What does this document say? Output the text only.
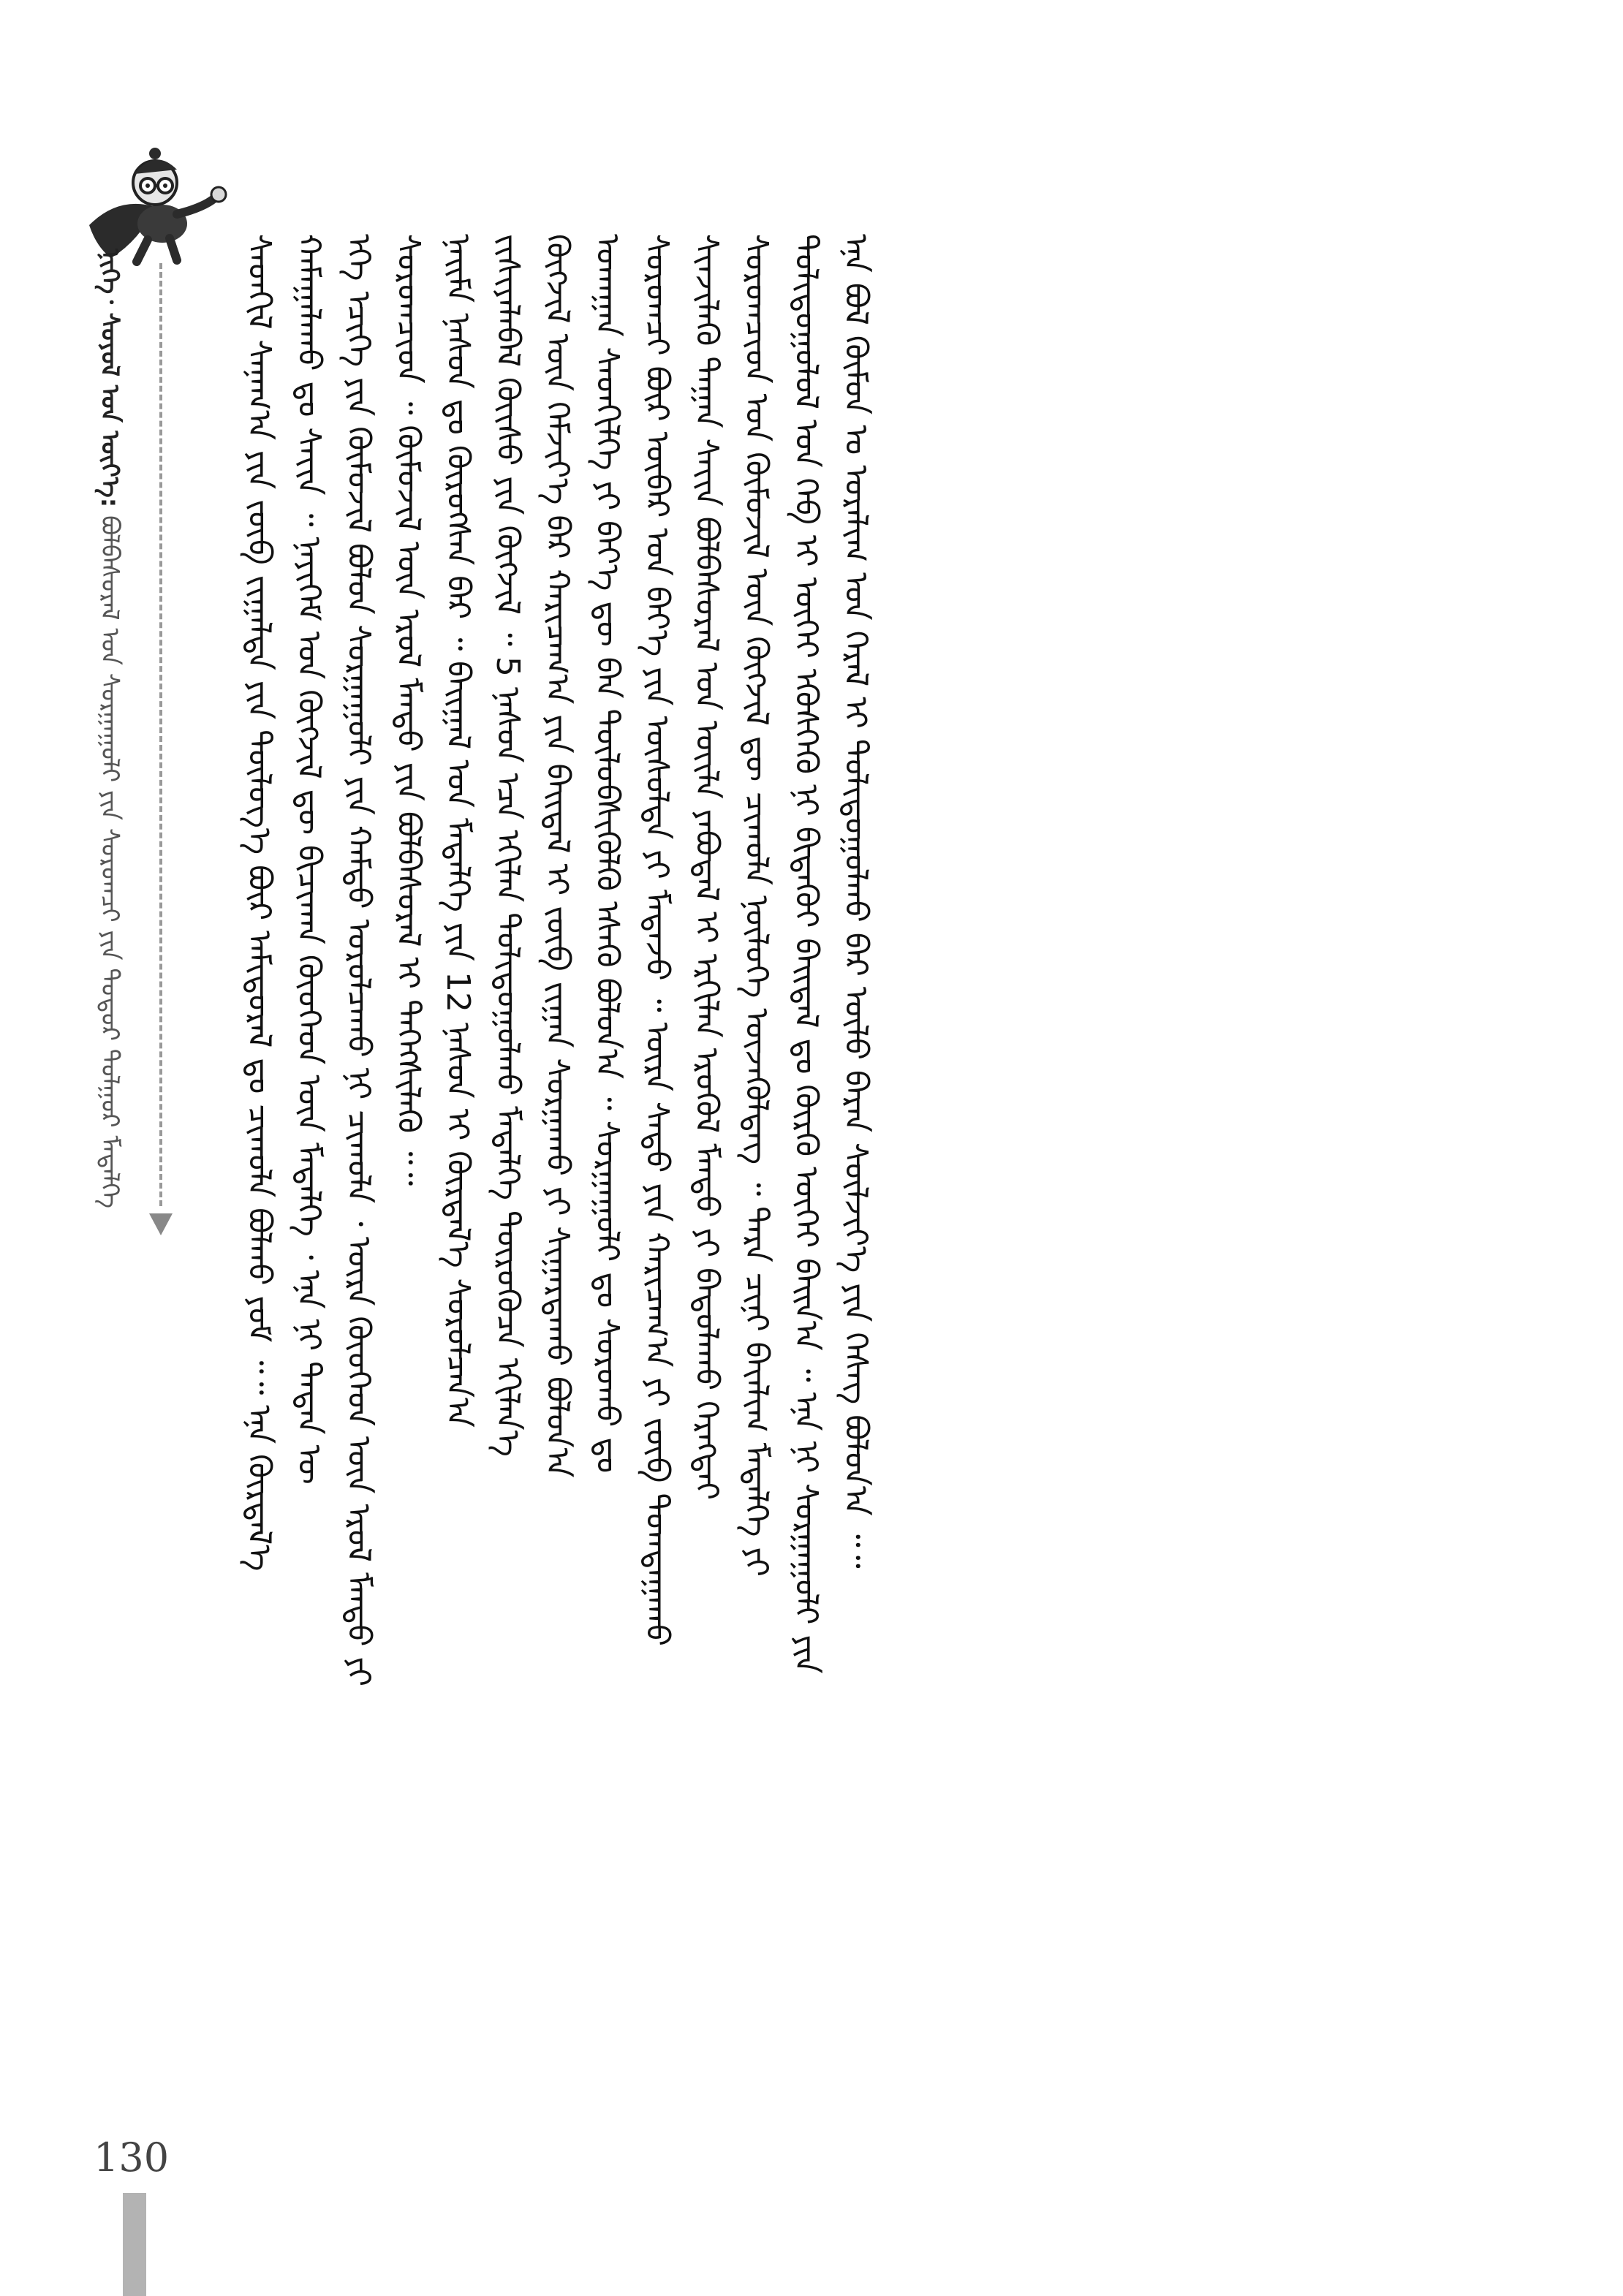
ᠨᠢᠭᠡ᠂ ᠰᠣᠶᠣᠯ ᠤᠨ ᠦᠶ᠎ᠡ: ᠪᠣᠯᠪᠠᠰᠤᠷᠠᠯ ᠤᠨ ᠰᠤᠷᠭᠠᠭᠤᠯᠢ ᠶᠢᠨ ᠰᠤᠷᠤᠭᠴᠢ ᠶᠢᠨ ᠳᠣᠲᠣᠷ ᠲᠤᠯᠭᠤᠷ ᠮᠡᠳᠡᠯᠭᠡ	ᠰᠡᠳᠬᠢᠯ ᠰᠠᠨᠠᠭ᠎ᠠ ᠶᠢᠨ ᠵᠥᠪ ᠵᠢᠭᠠᠯᠲᠠ ᠶᠢᠨ ᠲᠥᠯᠥᠭ᠎ᠡ ᠪᠦᠷ ᠠᠮᠢᠳᠤᠷᠠᠯ ᠳᠤ ᠴᠢᠬᠤᠯᠠ ᠪᠣᠯᠬᠤ ᠶᠤᠮ ᠃᠃ ᠡᠨᠡ ᠬᠦᠷᠲᠡᠯ᠎ᠡ ᠬᠠᠮᠠᠭᠠᠯᠠᠬᠤ ᠳᠤ ᠰᠠᠶ᠋ᠢᠨ ᠃ ᠨᠡᠶᠢᠭᠡᠮ ᠤᠨ ᠬᠥᠭᠵᠢᠯ ᠳᠦ ᠪᠢᠴᠢᠬᠠᠨ ᠬᠦᠦᠬᠡᠳ ᠦᠨ ᠮᠡᠳᠡᠯᠭᠡ ᠂ ᠡᠨᠡ ᠨᠢ ᠲᠡᠳᠡᠨ ᠦ ᠡᠬᠡ ᠡᠴᠢᠭᠡ ᠶᠢᠨ ᠬᠥᠮᠦᠵᠢᠯ ᠪᠣᠯᠤᠨ ᠰᠤᠷᠭᠠᠭᠤᠯᠢ ᠶᠢᠨ ᠬᠠᠮᠲᠤ ᠣᠷᠤᠯᠴᠠᠬᠤ ᠨᠢ ᠴᠢᠬᠤᠯᠠ ᠂ ᠦᠷᠡ ᠬᠦᠦᠬᠡᠳ ᠦᠨ ᠡᠷᠦᠯ ᠮᠡᠨᠳᠦ ᠶᠢ ᠰᠤᠷᠤᠭᠴᠢᠳ ᠃ ᠬᠦᠮᠦᠵᠢᠯ ᠦᠨ ᠡᠷᠦᠯ ᠮᠡᠨᠳᠦ ᠶᠢᠨ ᠪᠣᠯᠪᠠᠰᠤᠷᠠᠯ ᠢ ᠳᠡᠭᠡᠭᠰᠢᠯᠡᠬᠦ ᠃᠃ ᠨᠠᠢᠮᠠ ᠨᠠᠰᠤᠨ ᠳᠤ ᠬᠦᠷᠦᠭᠰᠡᠨ ᠪᠡᠷ ᠃ ᠪᠠᠢᠭᠠᠯ ᠤᠨ ᠮᠡᠳᠡᠯᠭᠡ ᠶᠢᠨ 12 ᠨᠠᠰᠤᠨ ᠢ ᠬᠦᠷᠲᠡᠯ᠎ᠡ ᠰᠤᠷᠤᠯᠴᠠᠨ᠎ᠠ ᠵᠢᠱᠢᠶᠡᠯᠡᠪᠡᠯ ᠬᠦᠢᠰᠦ ᠶᠢᠨ ᠬᠥᠭᠵᠢᠯ ᠃ 5 ᠨᠠᠰᠤᠨ ᠡᠴᠡ ᠡᠬᠢᠯᠡᠨ ᠲᠣᠯᠢᠳᠤᠭᠤᠯᠬᠤ ᠮᠡᠳᠡᠯᠭᠡ ᠲᠦᠷᠦᠭᠦᠴᠡ ᠡᠬᠢᠯᠡᠨ᠎ᠡ ᠬᠥᠭᠵᠢᠯ ᠦᠨ ᠬᠡᠮᠵᠢᠶ᠎ᠡ ᠪᠡᠷ ᠬᠠᠷᠢᠴᠠᠭ᠎ᠠ ᠶᠢᠨ ᠪᠠᠢᠳᠠᠯ ᠢ ᠵᠥᠪ ᠵᠢᠭᠠᠨ ᠰᠤᠷᠭᠠᠬᠤ ᠶᠢ ᠰᠢᠭᠠᠷᠳᠠᠬᠤ ᠪᠣᠯᠤᠨ᠎ᠠ ᠤᠬᠠᠭᠠᠨ ᠰᠡᠳᠬᠢᠯᠭᠡ ᠶᠢ ᠪᠡᠶ᠎ᠡ ᠳᠦ ᠪᠠᠨ ᠲᠥᠯᠥᠪᠰᠢᠭᠦᠯᠬᠦ ᠡᠰᠡᠬᠦ ᠪᠣᠯᠤᠨ᠎ᠠ ᠃ ᠰᠤᠷᠭᠠᠭᠤᠯᠢ ᠳᠤ ᠰᠤᠷᠤᠬᠤ ᠳᠤ ᠰᠤᠷᠤᠭᠴᠢ ᠪᠦᠷ ᠥᠪᠡᠷ ᠤᠨ ᠪᠡᠶ᠎ᠡ ᠶᠢᠨ ᠥᠰᠦᠯᠲᠡ ᠶᠢ ᠮᠡᠳᠡᠵᠦ ᠃ ᠦᠷᠡ ᠰᠠᠳᠤ ᠶᠢᠨ ᠬᠠᠷᠢᠴᠠᠭ᠎ᠠ ᠶᠢ ᠵᠥᠪ ᠲᠣᠭᠲᠠᠭᠠᠬᠤ ᠰᠢᠨᠵᠢᠯᠡᠬᠦ ᠳᠠᠭᠠᠨ ᠰᠠᠶ᠋ᠢᠨ ᠪᠣᠯᠪᠠᠰᠤᠷᠠᠯ ᠤᠨ ᠦᠢᠯᠡ ᠶᠠᠪᠤᠳᠠᠯ ᠢ ᠡᠷᠬᠢᠯᠡᠨ ᠡᠷᠦᠭᠦᠯ ᠮᠡᠨᠳᠦ ᠶᠢ ᠪᠠᠲᠤᠯᠠᠬᠤ ᠬᠡᠷᠡᠭᠲᠡᠢ ᠰᠤᠷᠤᠭᠴᠢᠳ ᠤᠨ ᠬᠦᠮᠦᠵᠢᠯ ᠦᠨ ᠬᠥᠭᠵᠢᠯ ᠳᠦ ᠴᠢᠬᠤᠯᠠ ᠨᠥᠯᠦᠭᠡ ᠦᠵᠡᠭᠦᠯᠳᠡᠭ ᠃ ᠲᠡᠷᠡ ᠴᠢᠨᠢ ᠪᠠᠶ᠋ᠠᠯᠢᠭ ᠮᠡᠳᠡᠯᠭᠡ ᠶᠢ ᠲᠣᠯᠢᠳᠤᠭᠤᠯᠤᠯ ᠤᠨ ᠬᠡᠪ ᠢ ᠥᠬᠡᠶ ᠡᠭᠦᠰᠭᠡᠬᠦ ᠨᠢ ᠪᠢᠲᠡᠭᠦᠢ ᠪᠠᠢᠳᠠᠯ ᠳᠤ ᠬᠦᠷᠬᠦ ᠦᠭᠡᠢ ᠪᠠᠢᠨ᠎ᠠ ᠃ ᠡᠨᠡ ᠨᠢ ᠰᠤᠷᠭᠠᠭᠤᠯᠢ ᠶᠢᠨ ᠡᠨᠡ ᠪᠣᠯ ᠬᠦᠮᠦᠨ ᠤ ᠤᠷᠠᠯᠢᠭ ᠤᠨ ᠭᠡᠷᠡᠯ ᠢ ᠲᠣᠯᠢᠳᠤᠭᠤᠯᠬᠤ ᠪᠠᠷ ᠦᠯᠦ ᠪᠠᠷᠠᠨ ᠰᠦᠯᠵᠢᠶ᠎ᠡ ᠶᠢᠨ ᠬᠡᠰᠡᠭ ᠪᠣᠯᠤᠨ᠎ᠠ ᠃᠃
130
